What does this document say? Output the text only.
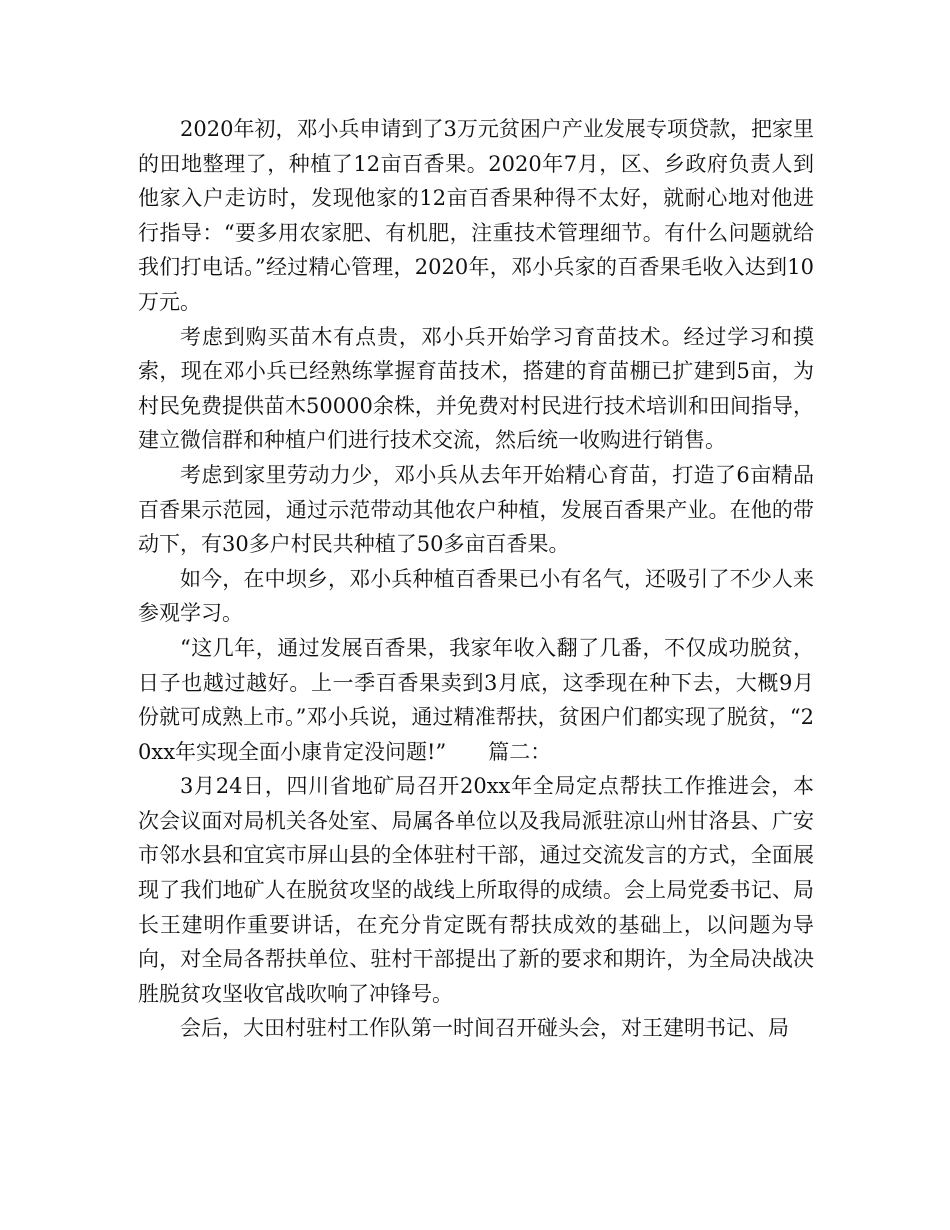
2020年初，邓小兵申请到了3万元贫困户产业发展专项贷款，把家里的田地整理了，种植了12亩百香果。2020年7月，区、乡政府负责人到他家入户走访时，发现他家的12亩百香果种得不太好，就耐心地对他进行指导：“要多用农家肥、有机肥，注重技术管理细节。有什么问题就给我们打电话。”经过精心管理，2020年，邓小兵家的百香果毛收入达到10万元。

考虑到购买苗木有点贵，邓小兵开始学习育苗技术。经过学习和摸索，现在邓小兵已经熟练掌握育苗技术，搭建的育苗棚已扩建到5亩，为村民免费提供苗木50000余株，并免费对村民进行技术培训和田间指导，建立微信群和种植户们进行技术交流，然后统一收购进行销售。

考虑到家里劳动力少，邓小兵从去年开始精心育苗，打造了6亩精品百香果示范园，通过示范带动其他农户种植，发展百香果产业。在他的带动下，有30多户村民共种植了50多亩百香果。

如今，在中坝乡，邓小兵种植百香果已小有名气，还吸引了不少人来参观学习。

“这几年，通过发展百香果，我家年收入翻了几番，不仅成功脱贫，日子也越过越好。上一季百香果卖到3月底，这季现在种下去，大概9月份就可成熟上市。”邓小兵说，通过精准帮扶，贫困户们都实现了脱贫，“20xx年实现全面小康肯定没问题!”　　篇二：

3月24日，四川省地矿局召开20xx年全局定点帮扶工作推进会，本次会议面对局机关各处室、局属各单位以及我局派驻凉山州甘洛县、广安市邻水县和宜宾市屏山县的全体驻村干部，通过交流发言的方式，全面展现了我们地矿人在脱贫攻坚的战线上所取得的成绩。会上局党委书记、局长王建明作重要讲话，在充分肯定既有帮扶成效的基础上，以问题为导向，对全局各帮扶单位、驻村干部提出了新的要求和期许，为全局决战决胜脱贫攻坚收官战吹响了冲锋号。

会后，大田村驻村工作队第一时间召开碰头会，对王建明书记、局
